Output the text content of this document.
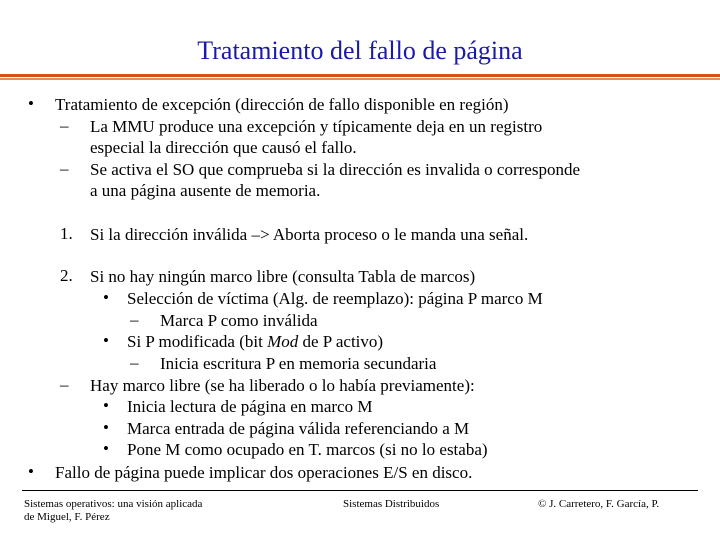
Tratamiento del fallo de página
• Tratamiento de excepción (dirección de fallo disponible en región)
– La MMU produce una excepción y típicamente deja en un registro
especial la dirección que causó el fallo.
– Se activa el SO que comprueba si la dirección es invalida o corresponde
a una página ausente de memoria.
1. Si la dirección inválida –> Aborta proceso o le manda una señal.
2. Si no hay ningún marco libre (consulta Tabla de marcos)
• Selección de víctima (Alg. de reemplazo): página P marco M
– Marca P como inválida
• Si P modificada (bit Mod de P activo)
– Inicia escritura P en memoria secundaria
– Hay marco libre (se ha liberado o lo había previamente):
• Inicia lectura de página en marco M
• Marca entrada de página válida referenciando a M
• Pone M como ocupado en T. marcos (si no lo estaba)
• Fallo de página puede implicar dos operaciones E/S en disco.
Sistemas operativos: una visión aplicada
de Miguel, F. Pérez
Sistemas Distribuidos	© J. Carretero, F. García, P.
